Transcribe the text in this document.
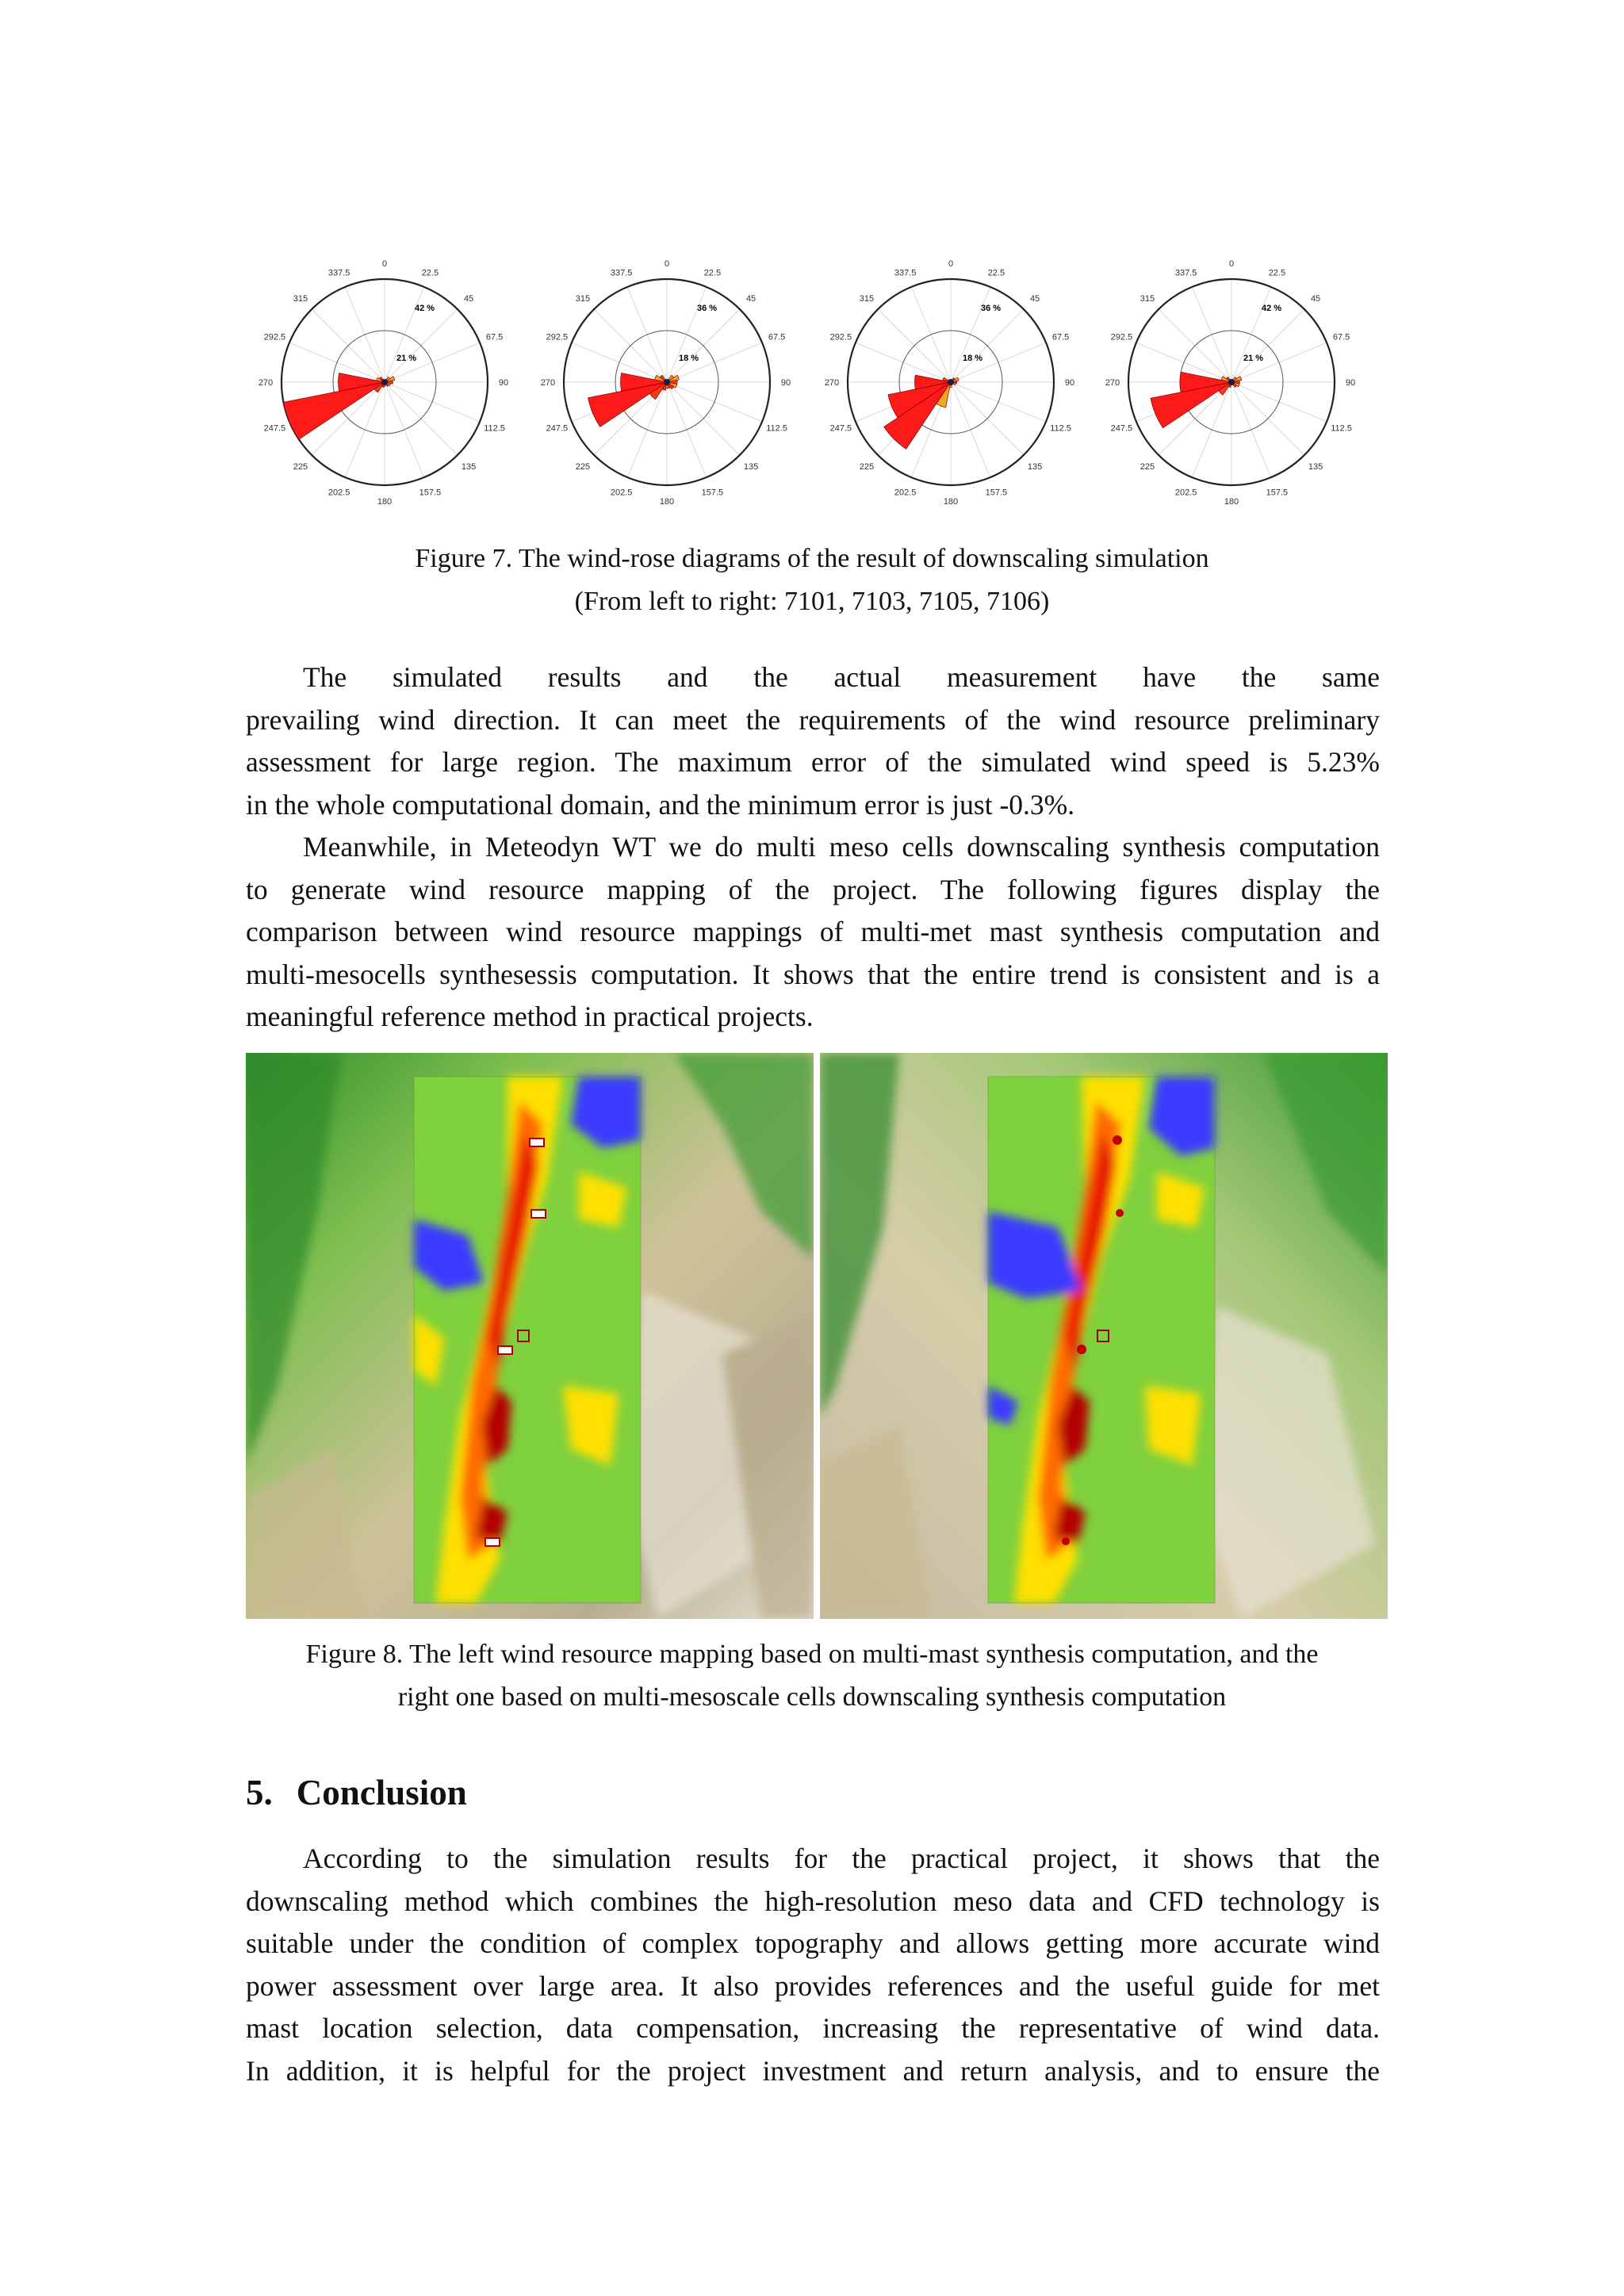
0
22.5
45
67.5
90
112.5
135
157.5
180
202.5
225
247.5
270
292.5
315
337.5
42 %
21 %
0
22.5
45
67.5
90
112.5
135
157.5
180
202.5
225
247.5
270
292.5
315
337.5
36 %
18 %
0
22.5
45
67.5
90
112.5
135
157.5
180
202.5
225
247.5
270
292.5
315
337.5
36 %
18 %
0
22.5
45
67.5
90
112.5
135
157.5
180
202.5
225
247.5
270
292.5
315
337.5
42 %
21 %
Figure 7. The wind-rose diagrams of the result of downscaling simulation
(From left to right: 7101, 7103, 7105, 7106)
The simulated results and the actual measurement have the same
prevailing wind direction. It can meet the requirements of the wind resource preliminary
assessment for large region. The maximum error of the simulated wind speed is 5.23%
in the whole computational domain, and the minimum error is just -0.3%.
Meanwhile, in Meteodyn WT we do multi meso cells downscaling synthesis computation
to generate wind resource mapping of the project. The following figures display the
comparison between wind resource mappings of multi-met mast synthesis computation and
multi-mesocells synthesessis computation. It shows that the entire trend is consistent and is a
meaningful reference method in practical projects.
Figure 8. The left wind resource mapping based on multi-mast synthesis computation, and the
right one based on multi-mesoscale cells downscaling synthesis computation
5. Conclusion
According to the simulation results for the practical project, it shows that the
downscaling method which combines the high-resolution meso data and CFD technology is
suitable under the condition of complex topography and allows getting more accurate wind
power assessment over large area. It also provides references and the useful guide for met
mast location selection, data compensation, increasing the representative of wind data.
In addition, it is helpful for the project investment and return analysis, and to ensure the
